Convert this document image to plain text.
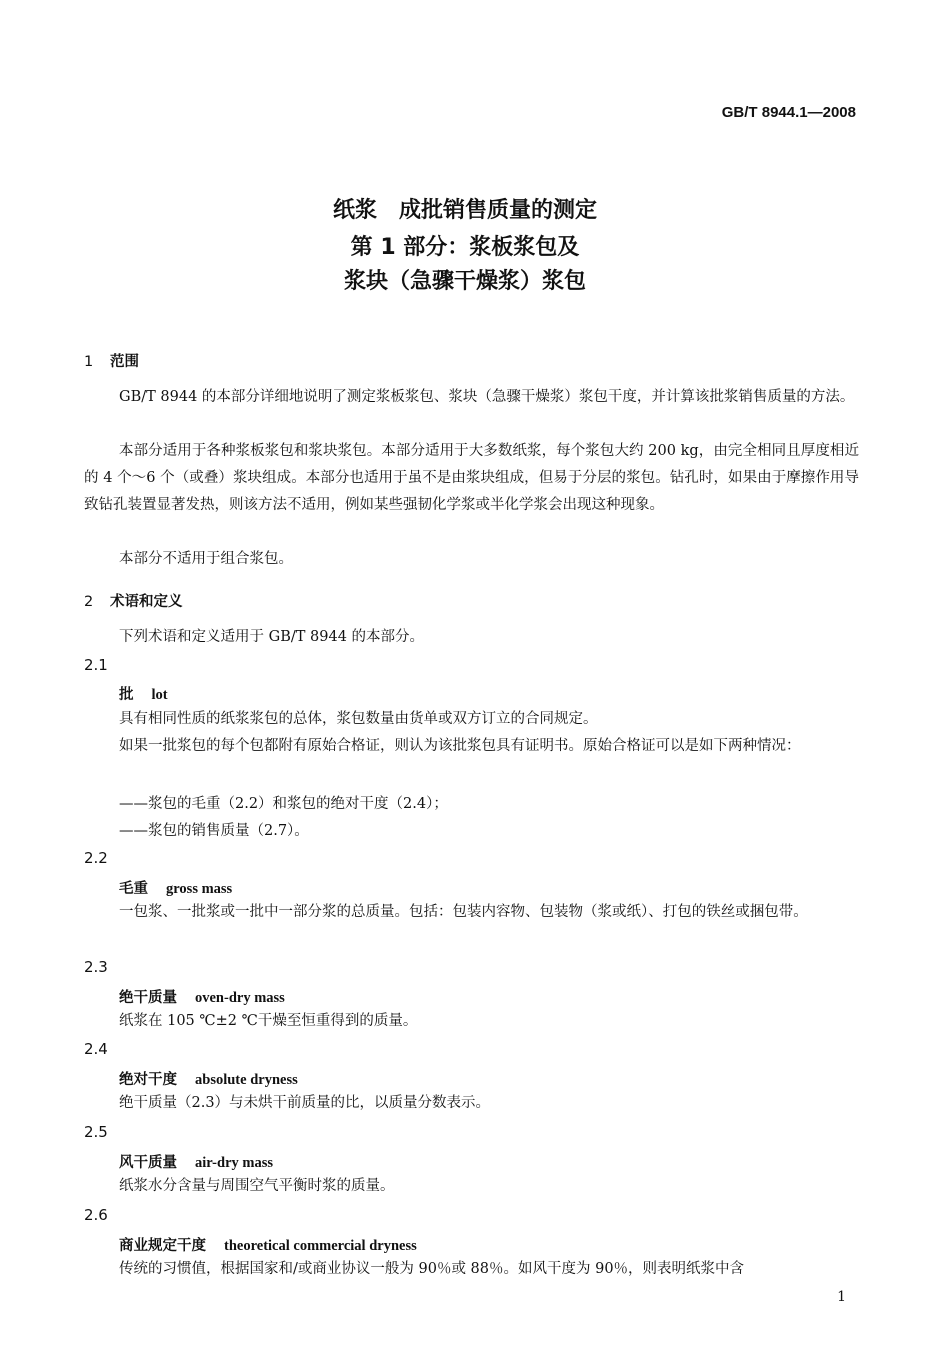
GB/T 8944.1—2008
纸浆　成批销售质量的测定
第 1 部分：浆板浆包及
浆块（急骤干燥浆）浆包
1 范围
GB/T 8944 的本部分详细地说明了测定浆板浆包、浆块（急骤干燥浆）浆包干度，并计算该批浆销售质量的方法。
本部分适用于各种浆板浆包和浆块浆包。本部分适用于大多数纸浆，每个浆包大约 200 kg，由完全相同且厚度相近的 4 个～6 个（或叠）浆块组成。本部分也适用于虽不是由浆块组成，但易于分层的浆包。钻孔时，如果由于摩擦作用导致钻孔装置显著发热，则该方法不适用，例如某些强韧化学浆或半化学浆会出现这种现象。
本部分不适用于组合浆包。
2 术语和定义
下列术语和定义适用于 GB/T 8944 的本部分。
2.1
批 lot
具有相同性质的纸浆浆包的总体，浆包数量由货单或双方订立的合同规定。
如果一批浆包的每个包都附有原始合格证，则认为该批浆包具有证明书。原始合格证可以是如下两种情况：
——浆包的毛重（2.2）和浆包的绝对干度（2.4）；
——浆包的销售质量（2.7）。
2.2
毛重 gross mass
一包浆、一批浆或一批中一部分浆的总质量。包括：包装内容物、包装物（浆或纸）、打包的铁丝或捆包带。
2.3
绝干质量 oven-dry mass
纸浆在 105 ℃±2 ℃干燥至恒重得到的质量。
2.4
绝对干度 absolute dryness
绝干质量（2.3）与未烘干前质量的比，以质量分数表示。
2.5
风干质量 air-dry mass
纸浆水分含量与周围空气平衡时浆的质量。
2.6
商业规定干度 theoretical commercial dryness
传统的习惯值，根据国家和/或商业协议一般为 90％或 88％。如风干度为 90％，则表明纸浆中含
1
